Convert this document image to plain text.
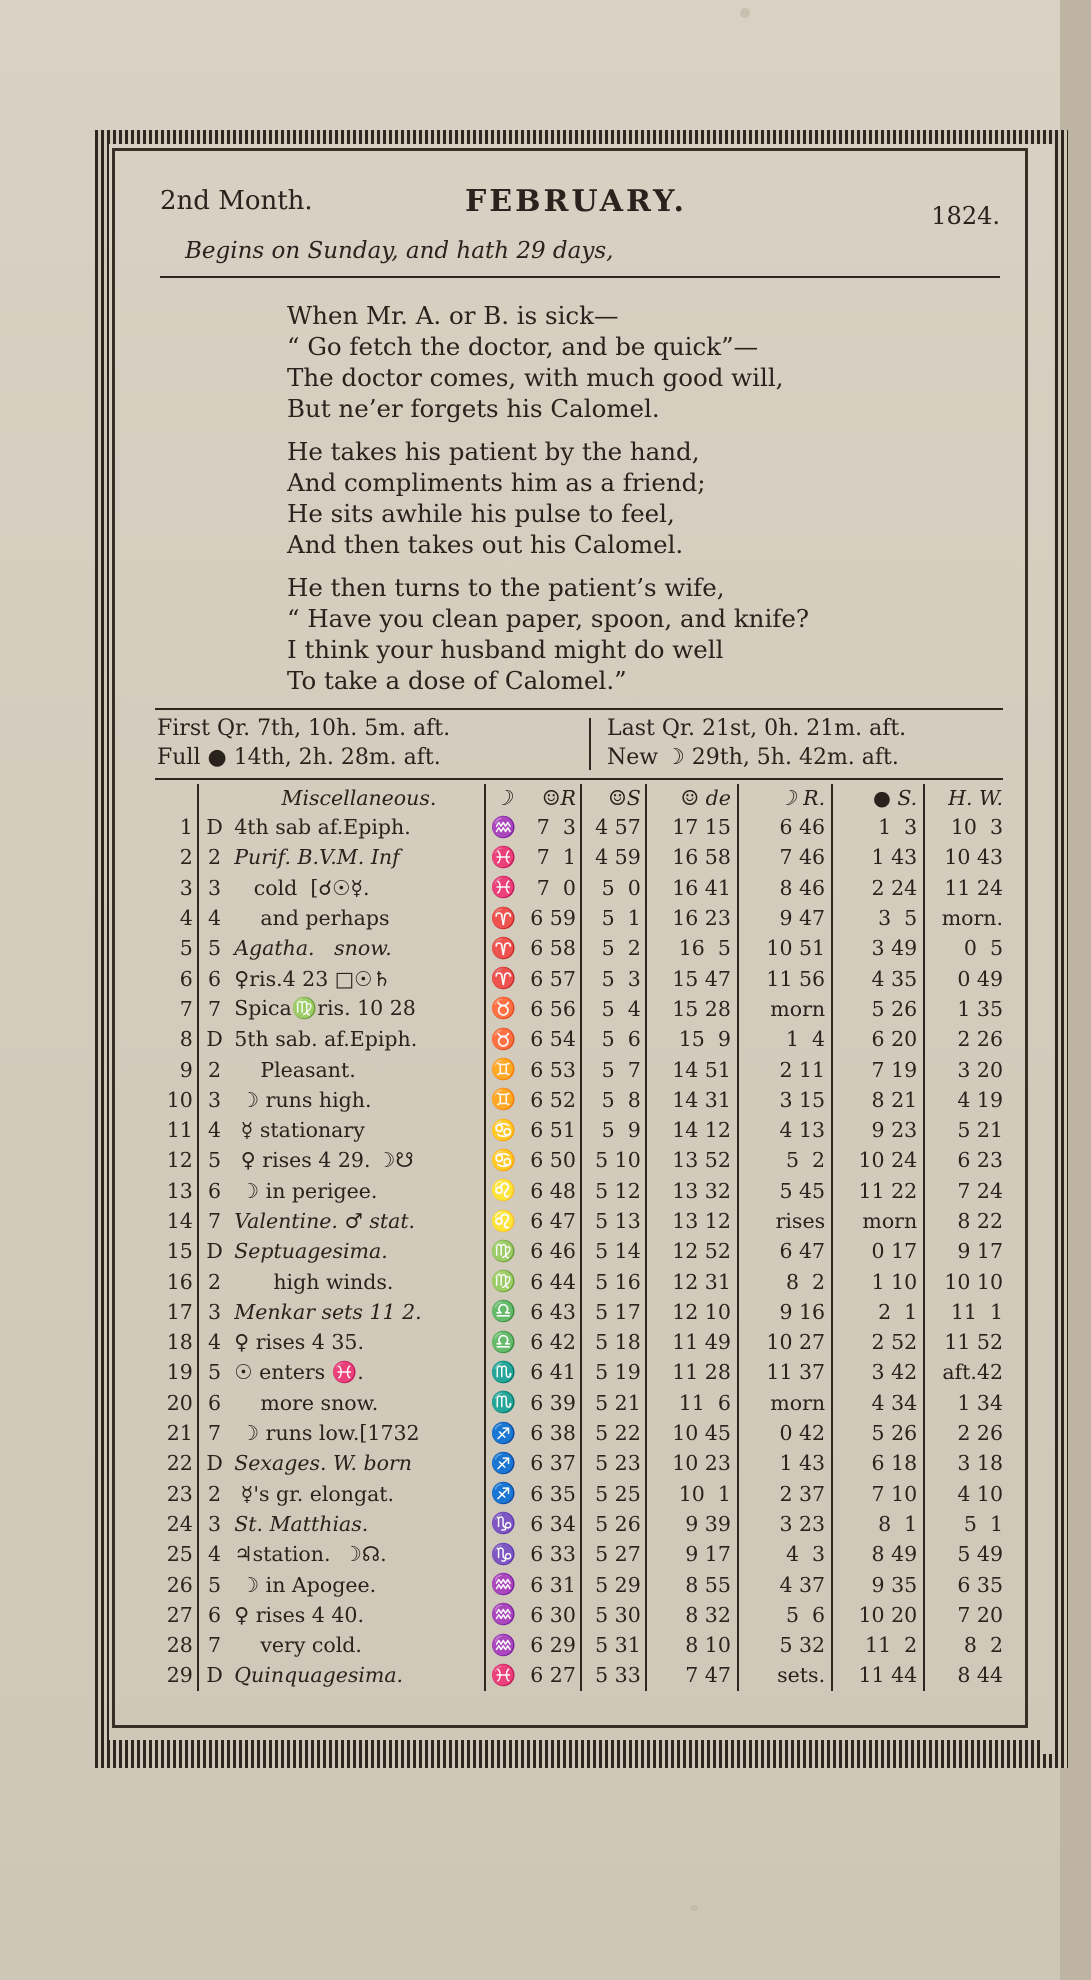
2nd Month.	FEBRUARY.	1824.
Begins on Sunday, and hath 29 days,
When Mr. A. or B. is sick—
“ Go fetch the doctor, and be quick”—
The doctor comes, with much good will,
But ne’er forgets his Calomel.
He takes his patient by the hand,
And compliments him as a friend;
He sits awhile his pulse to feel,
And then takes out his Calomel.
He then turns to the patient’s wife,
“ Have you clean paper, spoon, and knife?
I think your husband might do well
To take a dose of Calomel.”
First Qr. 7th, 10h. 5m. aft.
Full ● 14th, 2h. 28m. aft.
Last Qr. 21st, 0h. 21m. aft.
New ☽ 29th, 5h. 42m. aft.
		Miscellaneous.	☽	☺R	☺S	☺ de	☽ R.	● S.	H. W.
1	D	4th sab af.Epiph.	♒	7  3	4 57	17 15	6 46	1  3	10  3
2	2	Purif. B.V.M. Inf	♓	7  1	4 59	16 58	7 46	1 43	10 43
3	3	cold  [☌☉☿.	♓	7  0	5  0	16 41	8 46	2 24	11 24
4	4	and perhaps	♈	6 59	5  1	16 23	9 47	3  5	morn.
5	5	Agatha.   snow.	♈	6 58	5  2	16  5	10 51	3 49	0  5
6	6	♀ris.4 23 □☉♄	♈	6 57	5  3	15 47	11 56	4 35	0 49
7	7	Spica♍ris. 10 28	♉	6 56	5  4	15 28	morn	5 26	1 35
8	D	5th sab. af.Epiph.	♉	6 54	5  6	15  9	1  4	6 20	2 26
9	2	Pleasant.	♊	6 53	5  7	14 51	2 11	7 19	3 20
10	3	☽ runs high.	♊	6 52	5  8	14 31	3 15	8 21	4 19
11	4	☿ stationary	♋	6 51	5  9	14 12	4 13	9 23	5 21
12	5	♀ rises 4 29. ☽☋	♋	6 50	5 10	13 52	5  2	10 24	6 23
13	6	☽ in perigee.	♌	6 48	5 12	13 32	5 45	11 22	7 24
14	7	Valentine. ♂ stat.	♌	6 47	5 13	13 12	rises	morn	8 22
15	D	Septuagesima.	♍	6 46	5 14	12 52	6 47	0 17	9 17
16	2	high winds.	♍	6 44	5 16	12 31	8  2	1 10	10 10
17	3	Menkar sets 11 2.	♎	6 43	5 17	12 10	9 16	2  1	11  1
18	4	♀ rises 4 35.	♎	6 42	5 18	11 49	10 27	2 52	11 52
19	5	☉ enters ♓.	♏	6 41	5 19	11 28	11 37	3 42	aft.42
20	6	more snow.	♏	6 39	5 21	11  6	morn	4 34	1 34
21	7	☽ runs low.[1732	♐	6 38	5 22	10 45	0 42	5 26	2 26
22	D	Sexages. W. born	♐	6 37	5 23	10 23	1 43	6 18	3 18
23	2	☿'s gr. elongat.	♐	6 35	5 25	10  1	2 37	7 10	4 10
24	3	St. Matthias.	♑	6 34	5 26	9 39	3 23	8  1	5  1
25	4	♃station.  ☽☊.	♑	6 33	5 27	9 17	4  3	8 49	5 49
26	5	☽ in Apogee.	♒	6 31	5 29	8 55	4 37	9 35	6 35
27	6	♀ rises 4 40.	♒	6 30	5 30	8 32	5  6	10 20	7 20
28	7	very cold.	♒	6 29	5 31	8 10	5 32	11  2	8  2
29	D	Quinquagesima.	♓	6 27	5 33	7 47	sets.	11 44	8 44
